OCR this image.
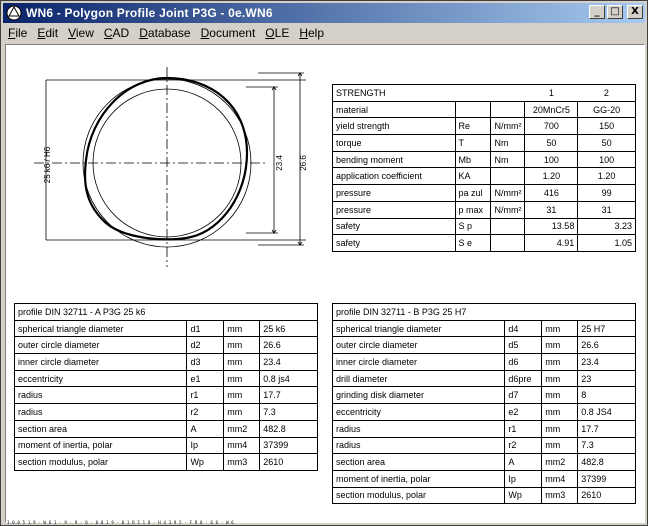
WN6 - Polygon Profile Joint P3G - 0e.WN6	_	□	X
File Edit View CAD Database Document OLE Help
25 k6 / H6	23.4 26.6
STRENGTH			1	2
material			20MnCr5	GG-20
yield strength	Re	N/mm²	700	150
torque	T	Nm	50	50
bending moment	Mb	Nm	100	100
application coefficient	KA		1.20	1.20
pressure	pa zul	N/mm²	416	99
pressure	p max	N/mm²	31	31
safety	S p		13.58	3.23
safety	S e		4.91	1.05
profile DIN 32711 - A P3G 25 k6			
spherical triangle diameter	d1	mm	25 k6
outer circle diameter	d2	mm	26.6
inner circle diameter	d3	mm	23.4
eccentricity	e1	mm	0.8 js4
radius	r1	mm	17.7
radius	r2	mm	7.3
section area	A	mm2	482.8
moment of inertia, polar	Ip	mm4	37399
section modulus, polar	Wp	mm3	2610
profile DIN 32711 - B P3G 25 H7			
spherical triangle diameter	d4	mm	25 H7
outer circle diameter	d5	mm	26.6
inner circle diameter	d6	mm	23.4
drill diameter	d6pre	mm	23
grinding disk diameter	d7	mm	8
eccentricity	e2	mm	0.8 JS4
radius	r1	mm	17.7
radius	r2	mm	7.3
section area	A	mm2	482.8
moment of inertia, polar	Ip	mm4	37399
section modulus, polar	Wp	mm3	2610
3.0.0 5 1.9 - W 6 1 - 9 - 9 - 0 - 0 0 1 9 - 0 1 R 5 1 0 - H 4 3 9 5 - F R 0 - 6 6 - W 6
